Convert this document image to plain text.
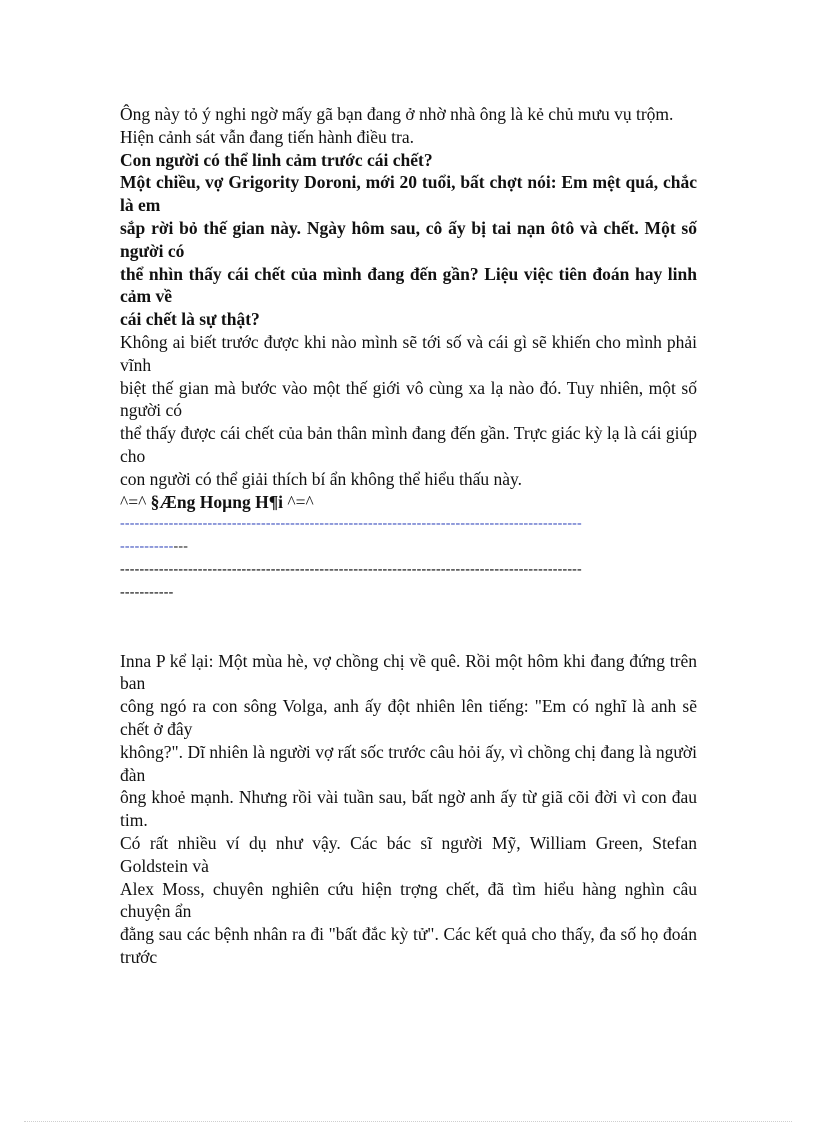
Ông này tỏ ý nghi ngờ mấy gã bạn đang ở nhờ nhà ông là kẻ chủ mưu vụ trộm.

Hiện cảnh sát vẫn đang tiến hành điều tra.

Con người có thể linh cảm trước cái chết?

Một chiều, vợ Grigority Doroni, mới 20 tuổi, bất chợt nói: Em mệt quá, chắc là em

sắp rời bỏ thế gian này. Ngày hôm sau, cô ấy bị tai nạn ôtô và chết. Một số người có

thể nhìn thấy cái chết của mình đang đến gần? Liệu việc tiên đoán hay linh cảm về

cái chết là sự thật?

Không ai biết trước được khi nào mình sẽ tới số và cái gì sẽ khiến cho mình phải vĩnh

biệt thế gian mà bước vào một thế giới vô cùng xa lạ nào đó. Tuy nhiên, một số người có

thể thấy được cái chết của bản thân mình đang đến gần. Trực giác kỳ lạ là cái giúp cho

con người có thể giải thích bí ẩn không thể hiểu thấu này.

^=^ §Æng Hoµng H¶i ^=^

-----------------------------------------------------------------------------------------------

--------------

-----------------------------------------------------------------------------------------------

-----------

Inna P kể lại: Một mùa hè, vợ chồng chị về quê. Rồi một hôm khi đang đứng trên ban

công ngó ra con sông Volga, anh ấy đột nhiên lên tiếng: "Em có nghĩ là anh sẽ chết ở đây

không?". Dĩ nhiên là người vợ rất sốc trước câu hỏi ấy, vì chồng chị đang là người đàn

ông khoẻ mạnh. Nhưng rồi vài tuần sau, bất ngờ anh ấy từ giã cõi đời vì con đau tim.

Có rất nhiều ví dụ như vậy. Các bác sĩ người Mỹ, William Green, Stefan Goldstein và

Alex Moss, chuyên nghiên cứu hiện trợng chết, đã tìm hiểu hàng nghìn câu chuyện ẩn

đằng sau các bệnh nhân ra đi "bất đắc kỳ tử". Các kết quả cho thấy, đa số họ đoán trước
